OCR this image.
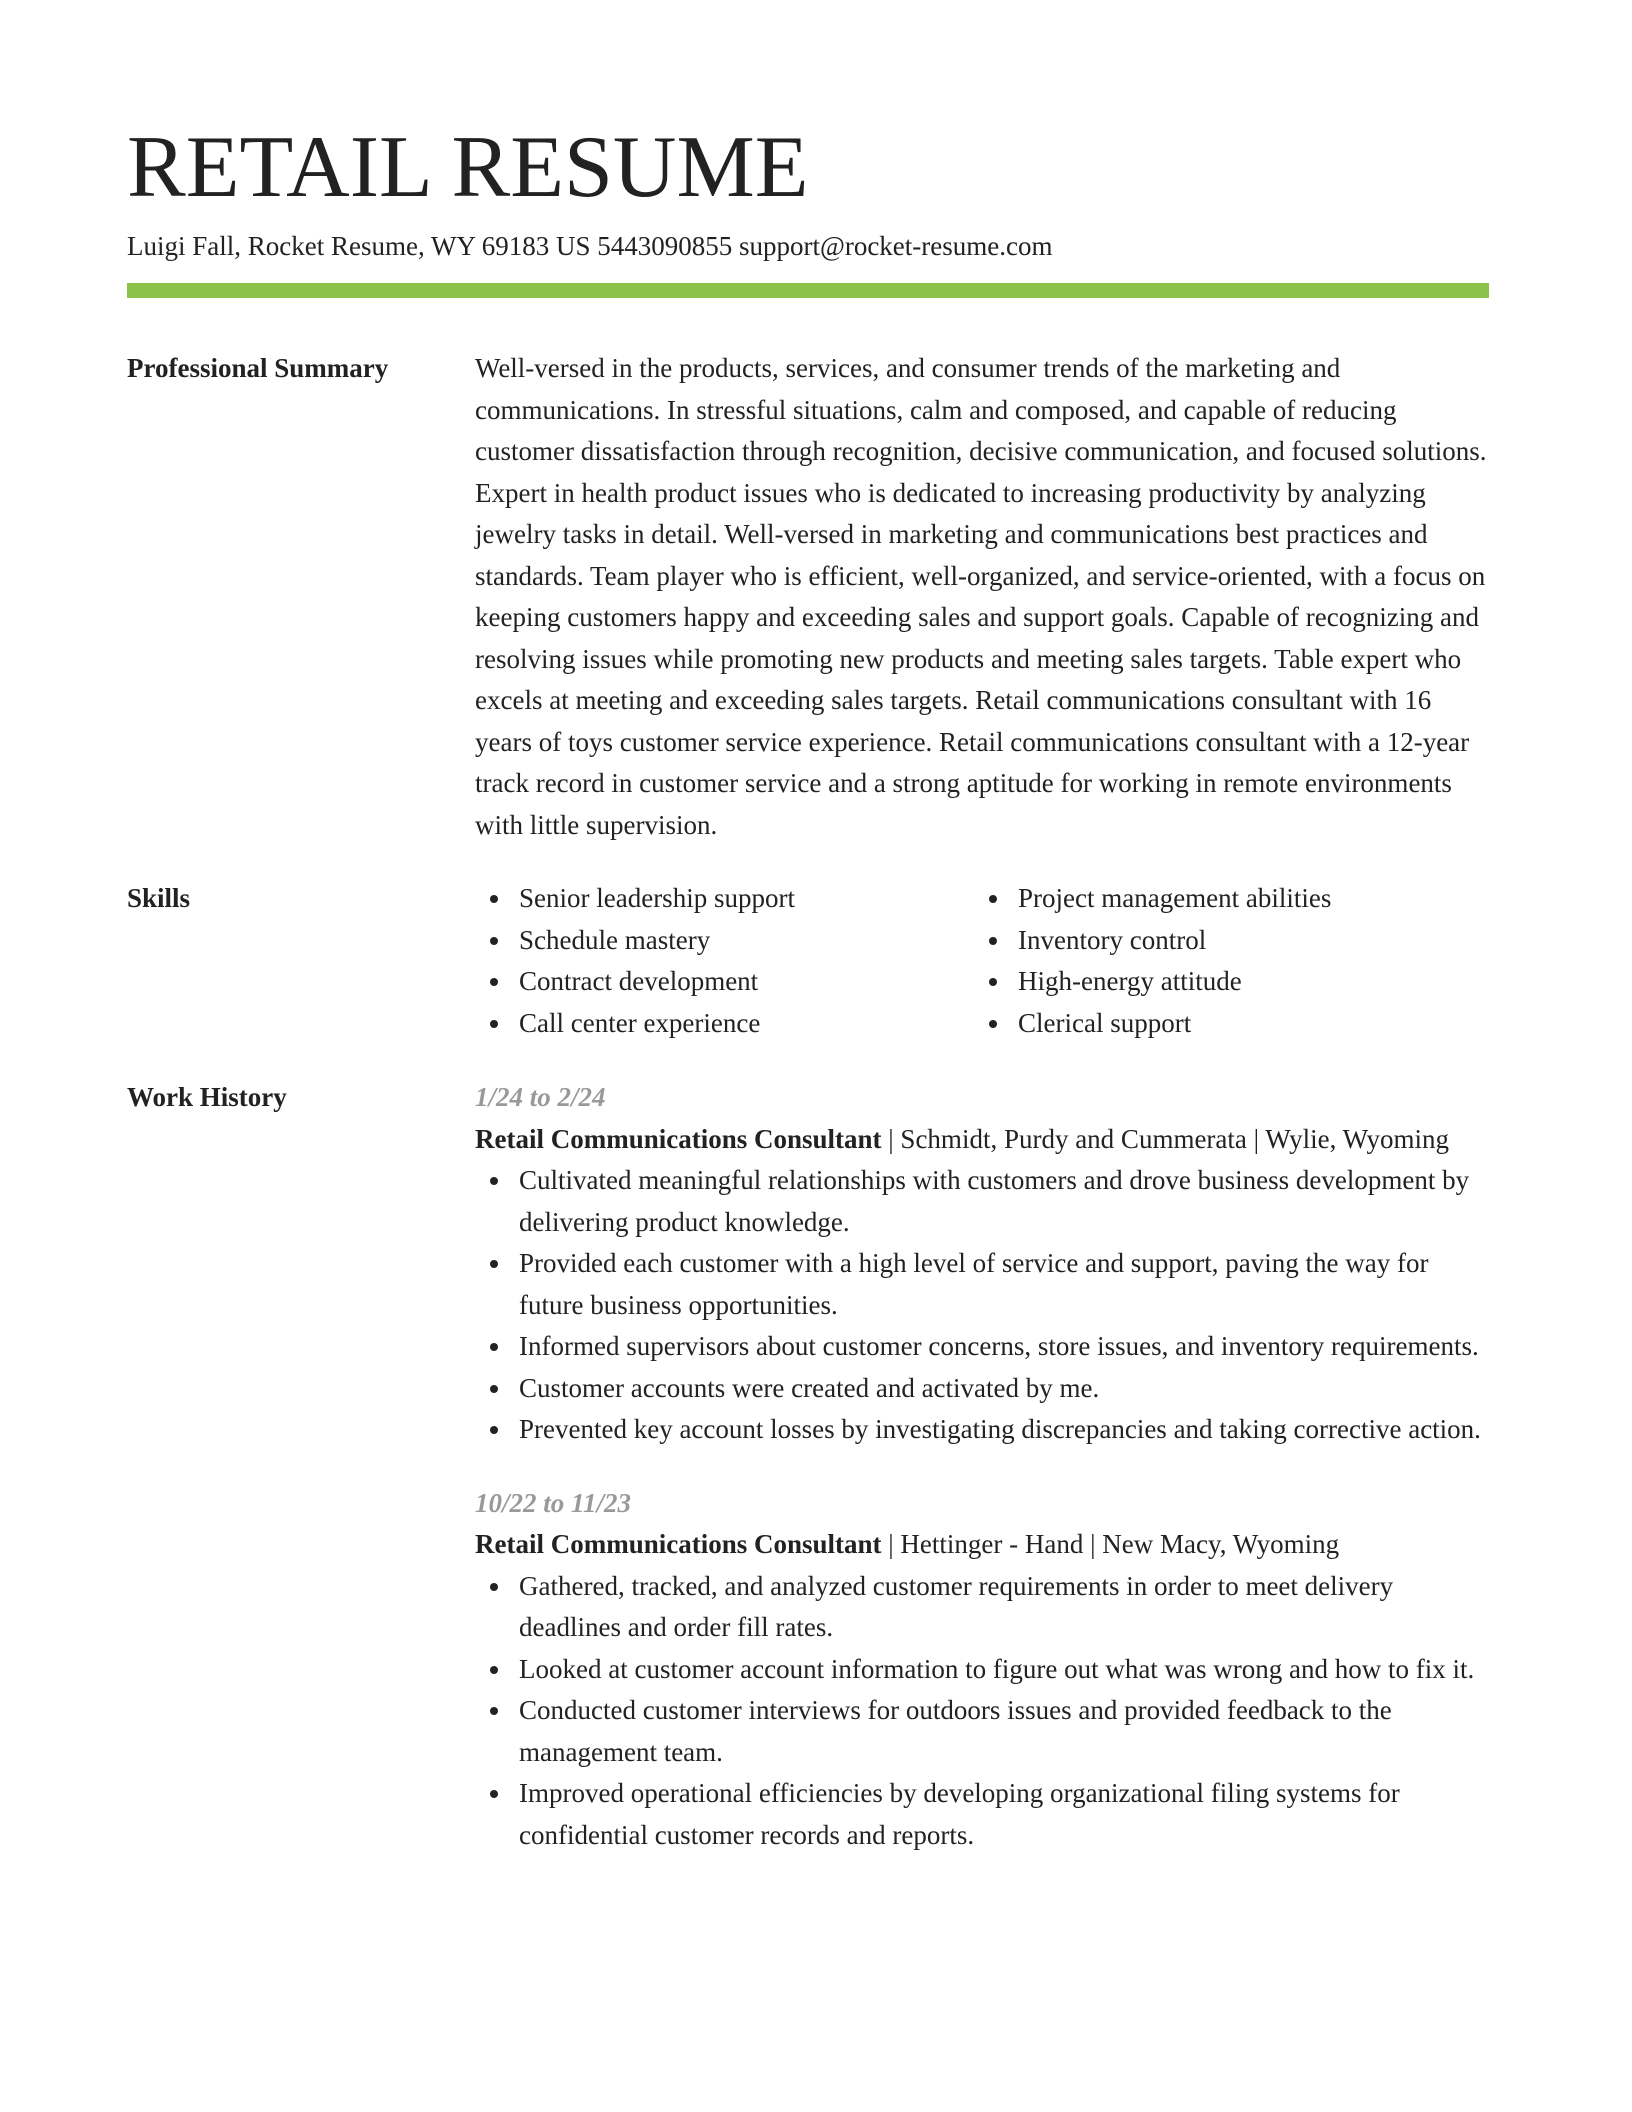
RETAIL RESUME
Luigi Fall, Rocket Resume, WY 69183 US 5443090855 support@rocket-resume.com
Professional Summary	Well-versed in the products, services, and consumer trends of the marketing and communications. In stressful situations, calm and composed, and capable of reducing customer dissatisfaction through recognition, decisive communication, and focused solutions. Expert in health product issues who is dedicated to increasing productivity by analyzing jewelry tasks in detail. Well-versed in marketing and communications best practices and standards. Team player who is efficient, well-organized, and service-oriented, with a focus on keeping customers happy and exceeding sales and support goals. Capable of recognizing and resolving issues while promoting new products and meeting sales targets. Table expert who excels at meeting and exceeding sales targets. Retail communications consultant with 16 years of toys customer service experience. Retail communications consultant with a 12-year track record in customer service and a strong aptitude for working in remote environments with little supervision.

Skills	Senior leadership support
Schedule mastery
Contract development
Call center experience
Project management abilities
Inventory control
High-energy attitude
Clerical support
Work History	1/24 to 2/24
Retail Communications Consultant | Schmidt, Purdy and Cummerata | Wylie, Wyoming
Cultivated meaningful relationships with customers and drove business development by delivering product knowledge.
Provided each customer with a high level of service and support, paving the way for future business opportunities.
Informed supervisors about customer concerns, store issues, and inventory requirements.
Customer accounts were created and activated by me.
Prevented key account losses by investigating discrepancies and taking corrective action.
10/22 to 11/23
Retail Communications Consultant | Hettinger - Hand | New Macy, Wyoming
Gathered, tracked, and analyzed customer requirements in order to meet delivery deadlines and order fill rates.
Looked at customer account information to figure out what was wrong and how to fix it.
Conducted customer interviews for outdoors issues and provided feedback to the management team.
Improved operational efficiencies by developing organizational filing systems for confidential customer records and reports.
